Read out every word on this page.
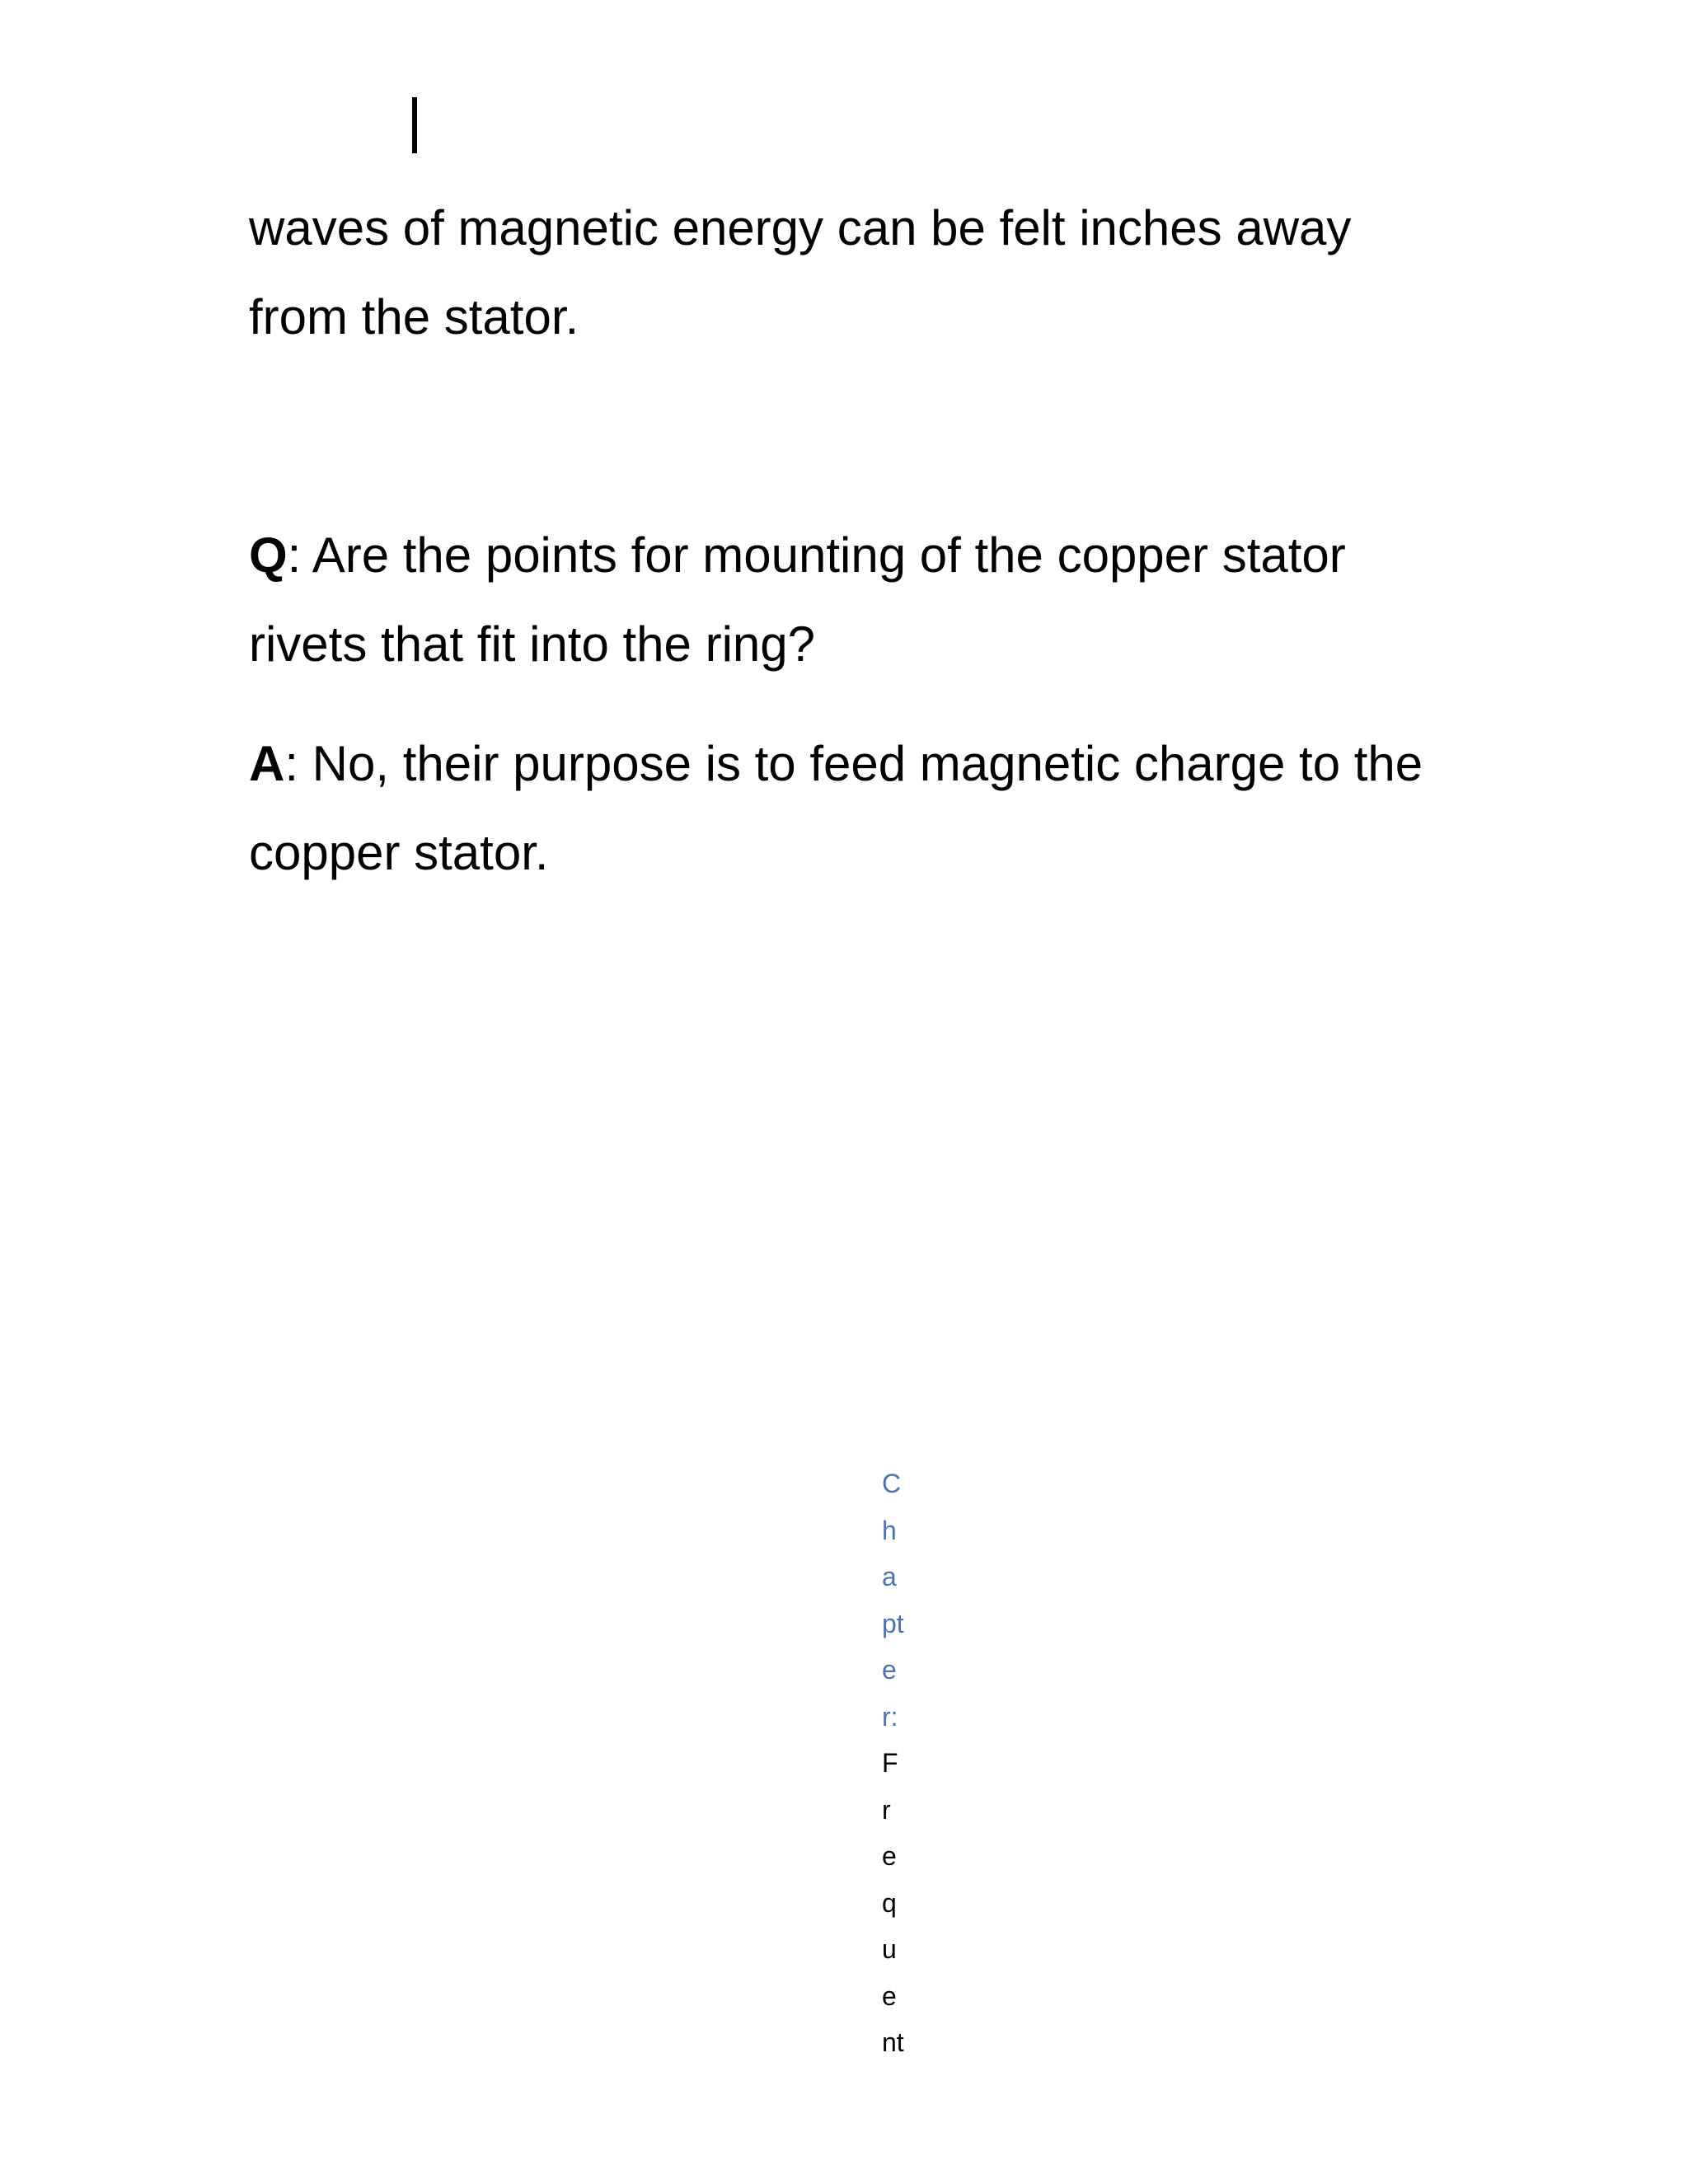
waves of magnetic energy can be felt inches away
from the stator.

Q: Are the points for mounting of the copper stator
rivets that fit into the ring?

A: No, their purpose is to feed magnetic charge to the
copper stator.

C
h
a
pt
e
r:
F
r
e
q
u
e
nt
